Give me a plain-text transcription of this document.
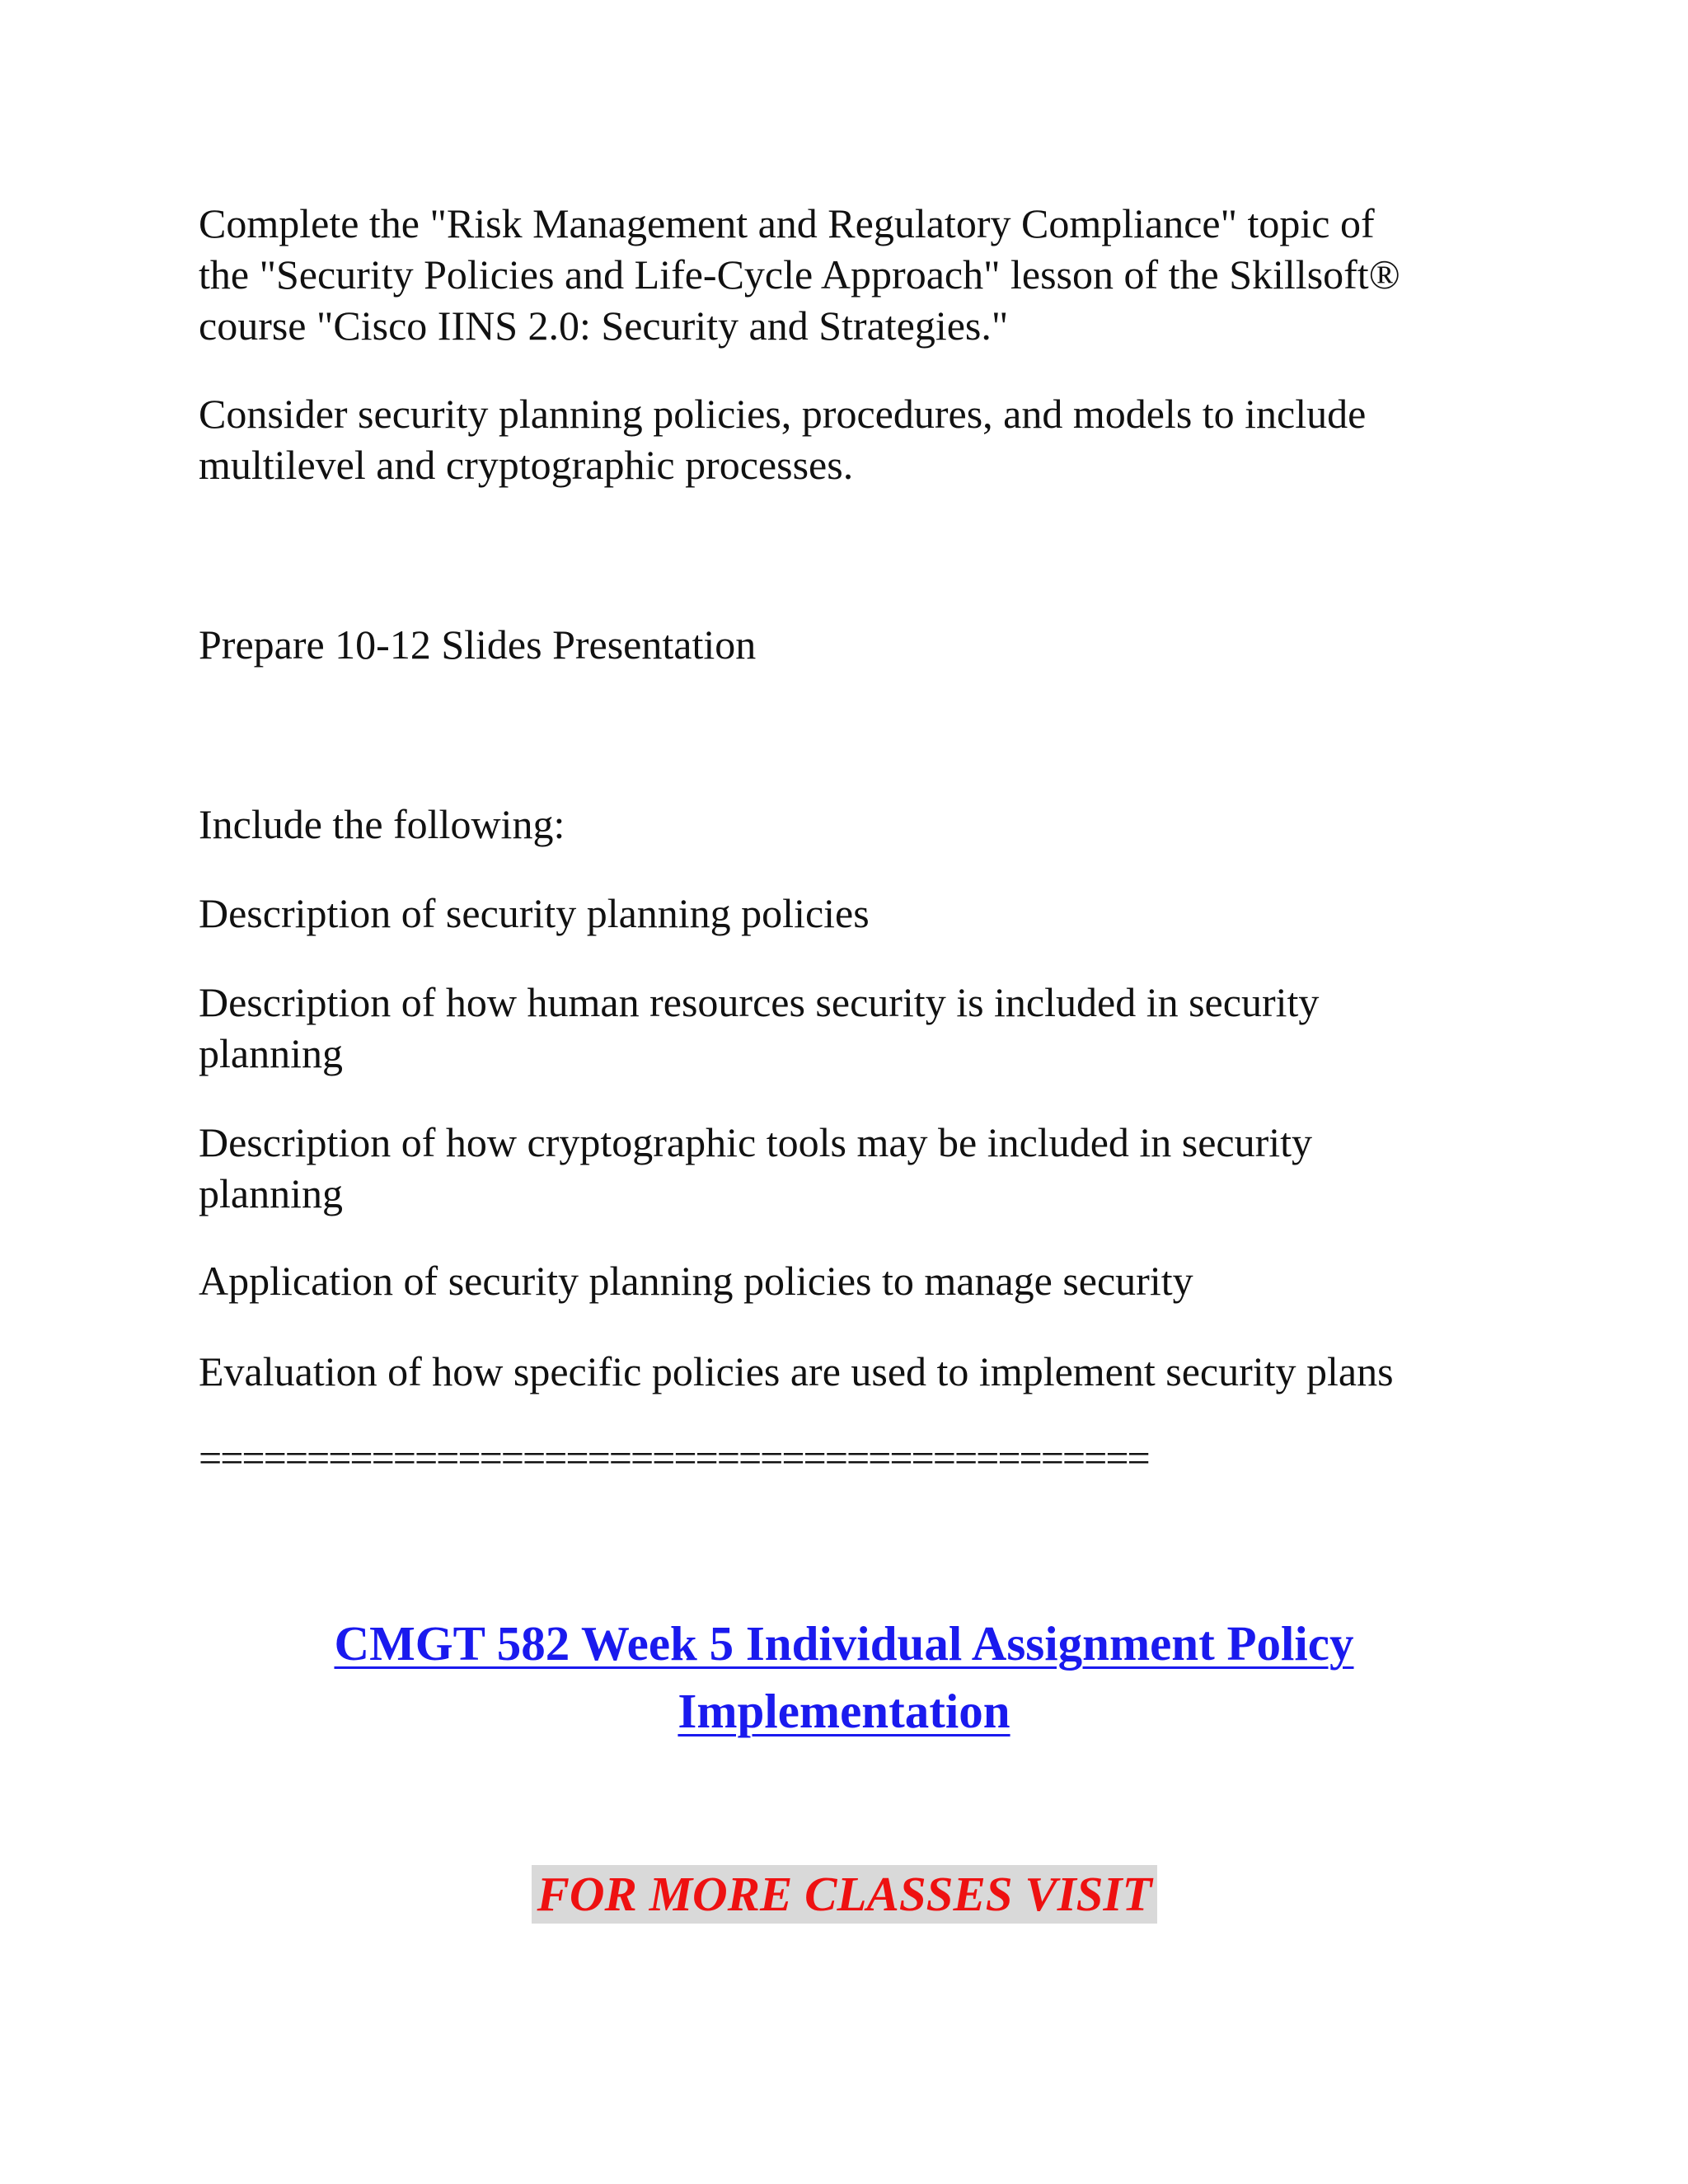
Complete the "Risk Management and Regulatory Compliance" topic of
the "Security Policies and Life-Cycle Approach" lesson of the Skillsoft®
course "Cisco IINS 2.0: Security and Strategies."

Consider security planning policies, procedures, and models to include
multilevel and cryptographic processes.

Prepare 10-12 Slides Presentation

Include the following:

Description of security planning policies

Description of how human resources security is included in security
planning

Description of how cryptographic tools may be included in security
planning

Application of security planning policies to manage security

Evaluation of how specific policies are used to implement security plans

============================================

CMGT 582 Week 5 Individual Assignment Policy
Implementation

FOR MORE CLASSES VISIT
